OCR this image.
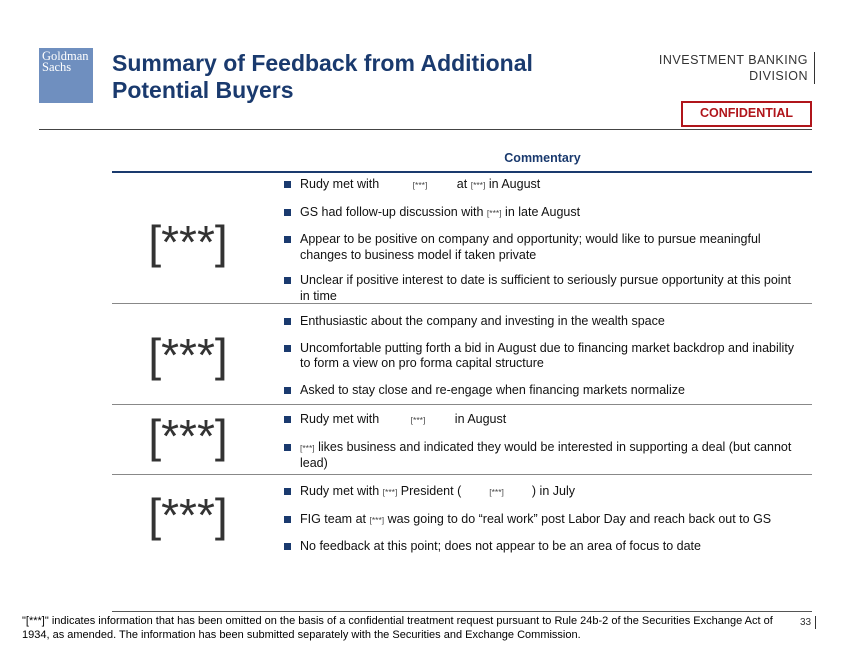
Goldman
Sachs	Summary of Feedback from Additional
Potential Buyers
INVESTMENT BANKING
DIVISION
CONFIDENTIAL
Commentary
[***]
Rudy met with	[***] at [***] in August
GS had follow-up discussion with [***] in late August
Appear to be positive on company and opportunity; would like to pursue meaningful changes to business model if taken private
Unclear if positive interest to date is sufficient to seriously pursue opportunity at this point in time
[***]
Enthusiastic about the company and investing in the wealth space
Uncomfortable putting forth a bid in August due to financing market backdrop and inability to form a view on pro forma capital structure
Asked to stay close and re-engage when financing markets normalize
[***]	Rudy met with	[***] in August
[***] likes business and indicated they would be interested in supporting a deal (but cannot lead)
[***]	Rudy met with [***] President (	[***] ) in July
FIG team at [***] was going to do “real work” post Labor Day and reach back out to GS
No feedback at this point; does not appear to be an area of focus to date
"[***]" indicates information that has been omitted on the basis of a confidential treatment request pursuant to Rule 24b-2 of the Securities Exchange Act of 1934, as amended. The information has been submitted separately with the Securities and Exchange Commission.
33
